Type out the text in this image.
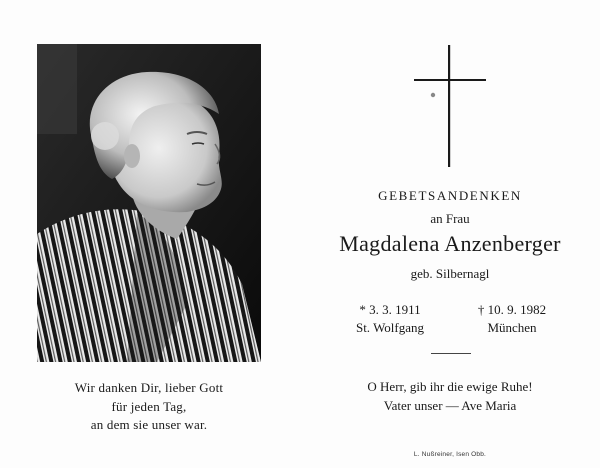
Wir danken Dir, lieber Gott
für jeden Tag,
an dem sie unser war.
GEBETSANDENKEN
an Frau
Magdalena Anzenberger
geb. Silbernagl
* 3. 3. 1911
St. Wolfgang
† 10. 9. 1982
München
O Herr, gib ihr die ewige Ruhe!
Vater unser — Ave Maria
L. Nußreiner, Isen Obb.
